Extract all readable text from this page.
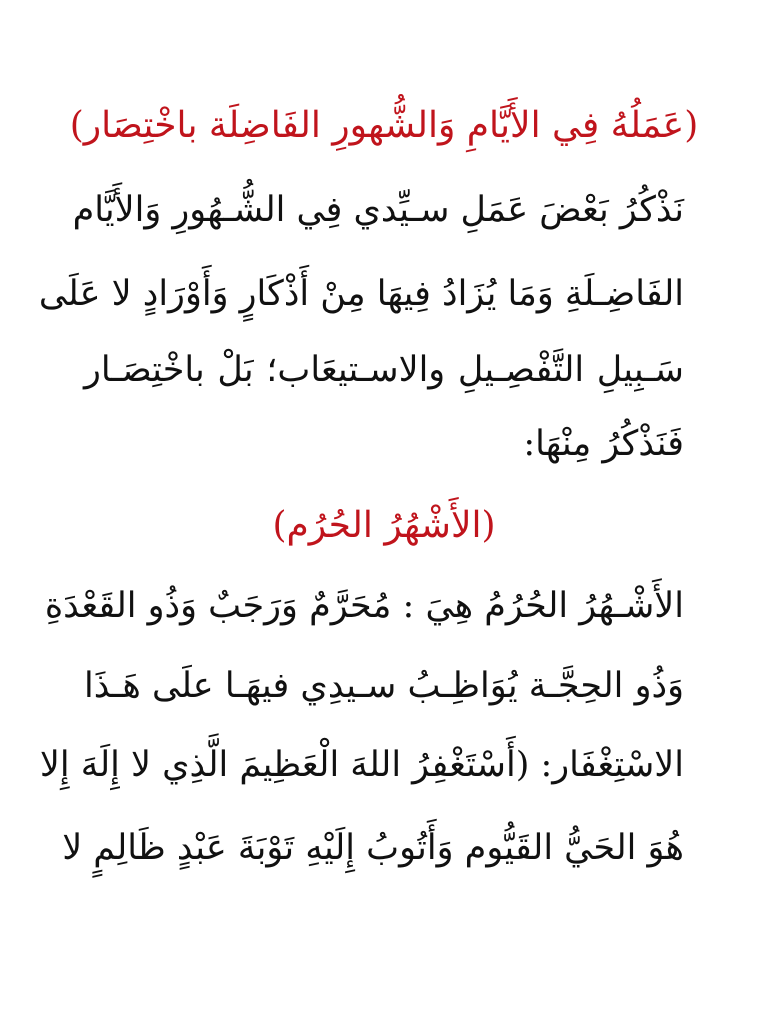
(عَمَلُهُ فِي الأَيَّامِ وَالشُّهورِ الفَاضِلَة باخْتِصَار)
نَذْكُرُ بَعْضَ عَمَلِ سـيِّدي فِي الشُّـهُورِ وَالأَيَّام
الفَاضِـلَةِ وَمَا يُزَادُ فِيهَا مِنْ أَذْكَارٍ وَأَوْرَادٍ لا عَلَى
سَـبِيلِ التَّفْصِـيلِ والاسـتيعَاب؛ بَلْ باخْتِصَـار
فَنَذْكُرُ مِنْهَا:
(الأَشْهُرُ الحُرُم)
الأَشْـهُرُ الحُرُمُ هِيَ : مُحَرَّمٌ وَرَجَبٌ وَذُو القَعْدَةِ
وَذُو الحِجَّـة يُوَاظِـبُ سـيدِي فيهَـا علَى هَـذَا
الاسْتِغْفَار: (أَسْتَغْفِرُ اللهَ الْعَظِيمَ الَّذِي لا إِلَهَ إِلا
هُوَ الحَيُّ القَيُّوم وَأَتُوبُ إِلَيْهِ تَوْبَةَ عَبْدٍ ظَالِمٍ لا
